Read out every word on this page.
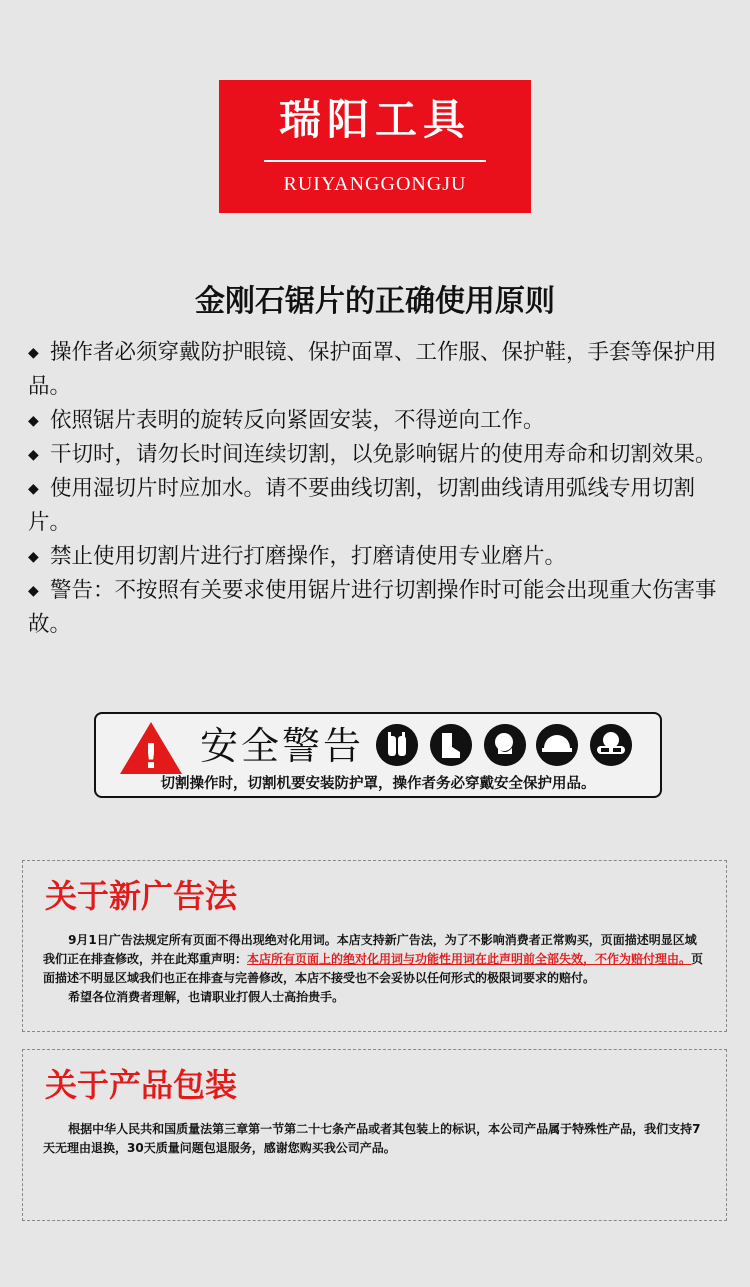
瑞阳工具
RUIYANGGONGJU
金刚石锯片的正确使用原则

◆ 操作者必须穿戴防护眼镜、保护面罩、工作服、保护鞋，手套等保护用品。

◆ 依照锯片表明的旋转反向紧固安装，不得逆向工作。

◆ 干切时，请勿长时间连续切割，以免影响锯片的使用寿命和切割效果。

◆ 使用湿切片时应加水。请不要曲线切割，切割曲线请用弧线专用切割片。

◆ 禁止使用切割片进行打磨操作，打磨请使用专业磨片。

◆ 警告：不按照有关要求使用锯片进行切割操作时可能会出现重大伤害事故。

! 安全警告
切割操作时，切割机要安装防护罩，操作者务必穿戴安全保护用品。
关于新广告法

9月1日广告法规定所有页面不得出现绝对化用词。本店支持新广告法，为了不影响消费者正常购买，页面描述明显区域我们正在排查修改，并在此郑重声明：本店所有页面上的绝对化用词与功能性用词在此声明前全部失效，不作为赔付理由。页面描述不明显区域我们也正在排查与完善修改，本店不接受也不会妥协以任何形式的极限词要求的赔付。

希望各位消费者理解，也请职业打假人士高抬贵手。

关于产品包装

根据中华人民共和国质量法第三章第一节第二十七条产品或者其包装上的标识，本公司产品属于特殊性产品，我们支持7天无理由退换，30天质量问题包退服务，感谢您购买我公司产品。
